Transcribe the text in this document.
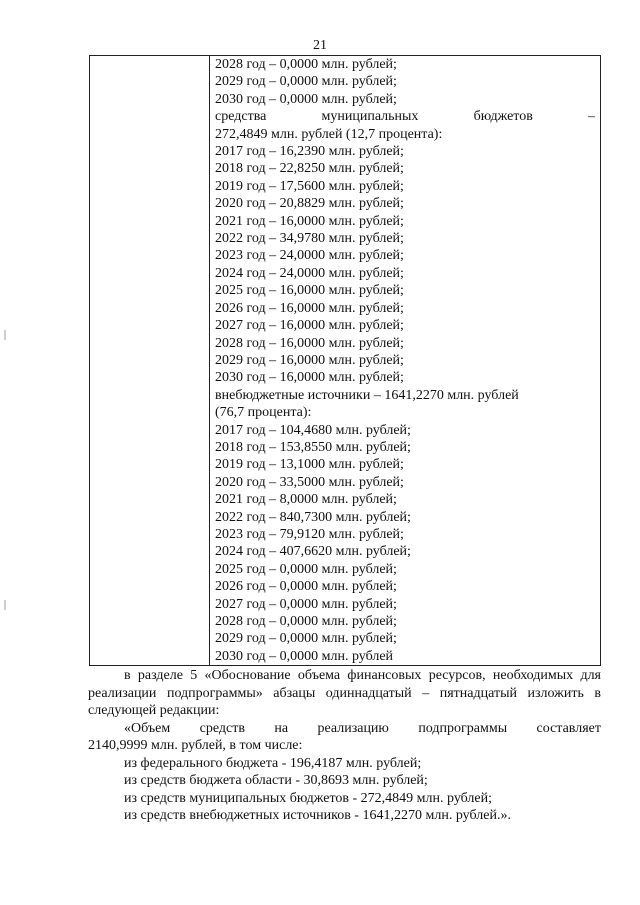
21
2028 год – 0,0000 млн. рублей;
2029 год – 0,0000 млн. рублей;
2030 год – 0,0000 млн. рублей;
средства	муниципальных	бюджетов	–
272,4849 млн. рублей (12,7 процента):
2017 год – 16,2390 млн. рублей;
2018 год – 22,8250 млн. рублей;
2019 год – 17,5600 млн. рублей;
2020 год – 20,8829 млн. рублей;
2021 год – 16,0000 млн. рублей;
2022 год – 34,9780 млн. рублей;
2023 год – 24,0000 млн. рублей;
2024 год – 24,0000 млн. рублей;
2025 год – 16,0000 млн. рублей;
2026 год – 16,0000 млн. рублей;
2027 год – 16,0000 млн. рублей;
2028 год – 16,0000 млн. рублей;
2029 год – 16,0000 млн. рублей;
2030 год – 16,0000 млн. рублей;
внебюджетные источники – 1641,2270 млн. рублей
(76,7 процента):
2017 год – 104,4680 млн. рублей;
2018 год – 153,8550 млн. рублей;
2019 год – 13,1000 млн. рублей;
2020 год – 33,5000 млн. рублей;
2021 год – 8,0000 млн. рублей;
2022 год – 840,7300 млн. рублей;
2023 год – 79,9120 млн. рублей;
2024 год – 407,6620 млн. рублей;
2025 год – 0,0000 млн. рублей;
2026 год – 0,0000 млн. рублей;
2027 год – 0,0000 млн. рублей;
2028 год – 0,0000 млн. рублей;
2029 год – 0,0000 млн. рублей;
2030 год – 0,0000 млн. рублей

в разделе 5 «Обоснование объема финансовых ресурсов, необходимых для реализации подпрограммы» абзацы одиннадцатый – пятнадцатый изложить в следующей редакции:

«Объем средств на реализацию подпрограммы составляет
2140,9999 млн. рублей, в том числе:
из федерального бюджета - 196,4187 млн. рублей;
из средств бюджета области - 30,8693 млн. рублей;
из средств муниципальных бюджетов - 272,4849 млн. рублей;
из средств внебюджетных источников - 1641,2270 млн. рублей.».
